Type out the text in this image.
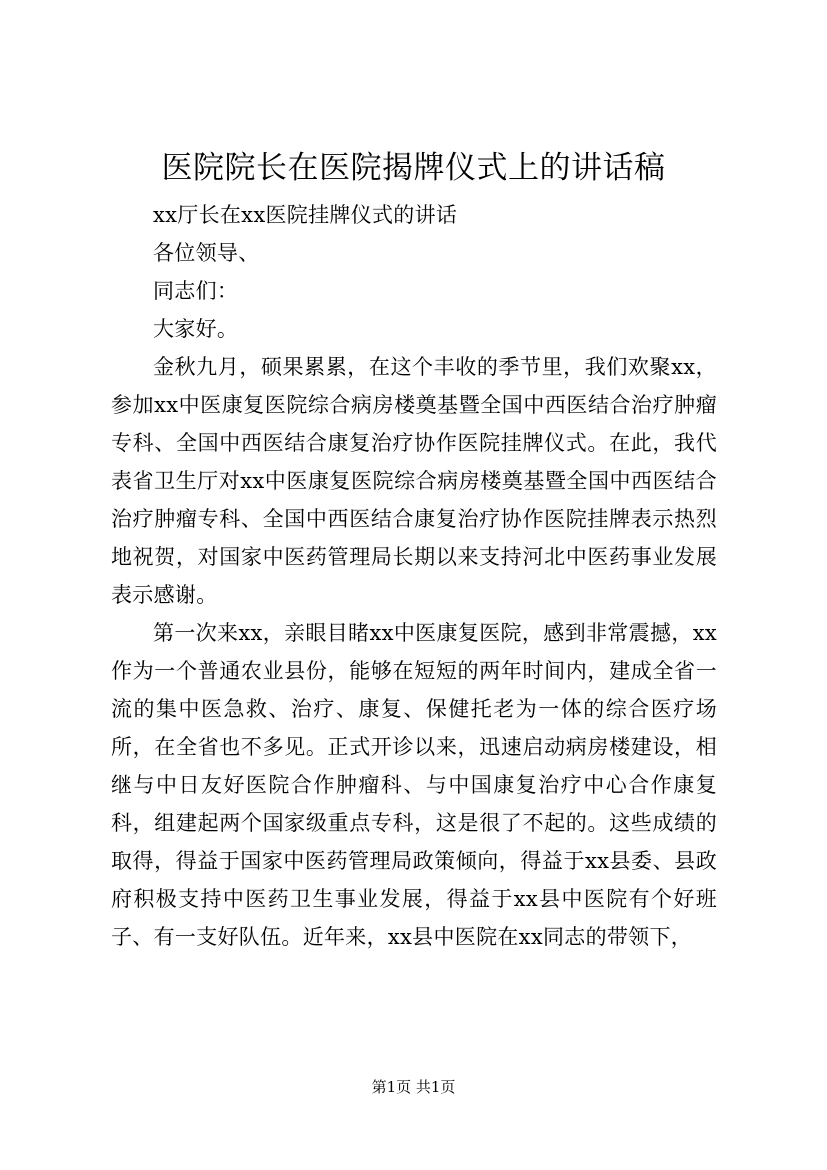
医院院长在医院揭牌仪式上的讲话稿

xx厅长在xx医院挂牌仪式的讲话

各位领导、

同志们：

大家好。

金秋九月，硕果累累，在这个丰收的季节里，我们欢聚xx，参加xx中医康复医院综合病房楼奠基暨全国中西医结合治疗肿瘤专科、全国中西医结合康复治疗协作医院挂牌仪式。在此，我代表省卫生厅对xx中医康复医院综合病房楼奠基暨全国中西医结合治疗肿瘤专科、全国中西医结合康复治疗协作医院挂牌表示热烈地祝贺，对国家中医药管理局长期以来支持河北中医药事业发展表示感谢。

第一次来xx，亲眼目睹xx中医康复医院，感到非常震撼，xx作为一个普通农业县份，能够在短短的两年时间内，建成全省一流的集中医急救、治疗、康复、保健托老为一体的综合医疗场所，在全省也不多见。正式开诊以来，迅速启动病房楼建设，相继与中日友好医院合作肿瘤科、与中国康复治疗中心合作康复科，组建起两个国家级重点专科，这是很了不起的。这些成绩的取得，得益于国家中医药管理局政策倾向，得益于xx县委、县政府积极支持中医药卫生事业发展，得益于xx县中医院有个好班子、有一支好队伍。近年来，xx县中医院在xx同志的带领下，

第1页 共1页
